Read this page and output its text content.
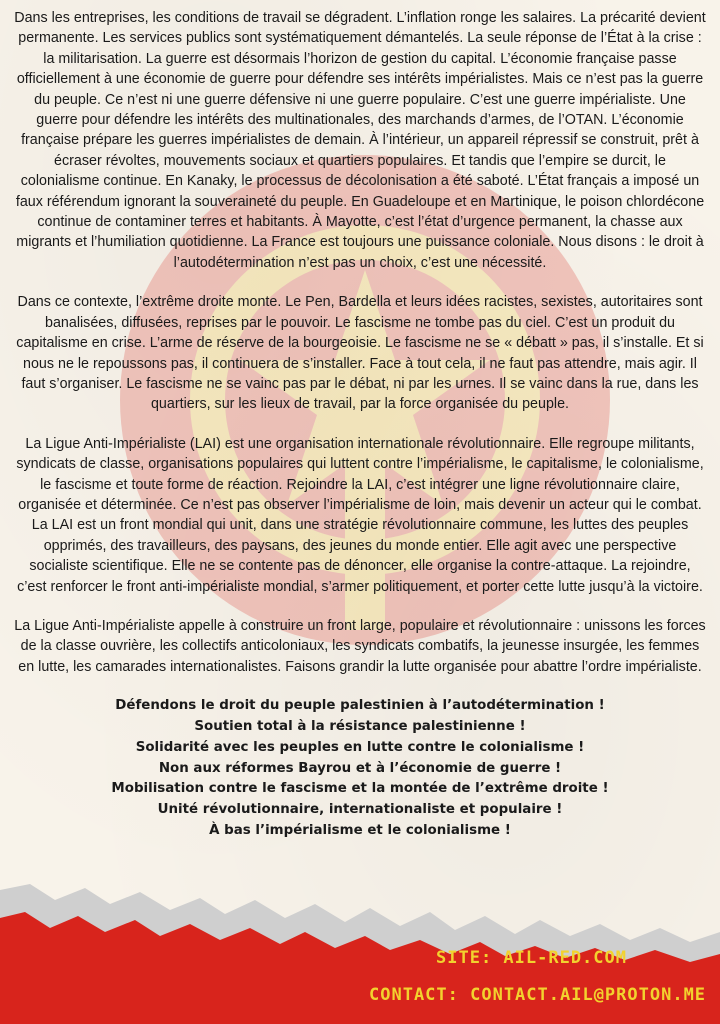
Dans les entreprises, les conditions de travail se dégradent. L’inflation ronge les salaires. La précarité devient permanente. Les services publics sont systématiquement démantelés. La seule réponse de l’État à la crise : la militarisation. La guerre est désormais l’horizon de gestion du capital. L’économie française passe officiellement à une économie de guerre pour défendre ses intérêts impérialistes. Mais ce n’est pas la guerre du peuple. Ce n’est ni une guerre défensive ni une guerre populaire. C’est une guerre impérialiste. Une guerre pour défendre les intérêts des multinationales, des marchands d’armes, de l’OTAN. L’économie française prépare les guerres impérialistes de demain. À l’intérieur, un appareil répressif se construit, prêt à écraser révoltes, mouvements sociaux et quartiers populaires. Et tandis que l’empire se durcit, le colonialisme continue. En Kanaky, le processus de décolonisation a été saboté. L’État français a imposé un faux référendum ignorant la souveraineté du peuple. En Guadeloupe et en Martinique, le poison chlordécone continue de contaminer terres et habitants. À Mayotte, c’est l’état d’urgence permanent, la chasse aux migrants et l’humiliation quotidienne. La France est toujours une puissance coloniale. Nous disons : le droit à l’autodétermination n’est pas un choix, c’est une nécessité.

Dans ce contexte, l’extrême droite monte. Le Pen, Bardella et leurs idées racistes, sexistes, autoritaires sont banalisées, diffusées, reprises par le pouvoir. Le fascisme ne tombe pas du ciel. C’est un produit du capitalisme en crise. L’arme de réserve de la bourgeoisie. Le fascisme ne se « débatt » pas, il s’installe. Et si nous ne le repoussons pas, il continuera de s’installer. Face à tout cela, il ne faut pas attendre, mais agir. Il faut s’organiser. Le fascisme ne se vainc pas par le débat, ni par les urnes. Il se vainc dans la rue, dans les quartiers, sur les lieux de travail, par la force organisée du peuple.

La Ligue Anti-Impérialiste (LAI) est une organisation internationale révolutionnaire. Elle regroupe militants, syndicats de classe, organisations populaires qui luttent contre l’impérialisme, le capitalisme, le colonialisme, le fascisme et toute forme de réaction. Rejoindre la LAI, c’est intégrer une ligne révolutionnaire claire, organisée et déterminée. Ce n’est pas observer l’impérialisme de loin, mais devenir un acteur qui le combat. La LAI est un front mondial qui unit, dans une stratégie révolutionnaire commune, les luttes des peuples opprimés, des travailleurs, des paysans, des jeunes du monde entier. Elle agit avec une perspective socialiste scientifique. Elle ne se contente pas de dénoncer, elle organise la contre-attaque. La rejoindre, c’est renforcer le front anti-impérialiste mondial, s’armer politiquement, et porter cette lutte jusqu’à la victoire.

La Ligue Anti-Impérialiste appelle à construire un front large, populaire et révolutionnaire : unissons les forces de la classe ouvrière, les collectifs anticoloniaux, les syndicats combatifs, la jeunesse insurgée, les femmes en lutte, les camarades internationalistes. Faisons grandir la lutte organisée pour abattre l’ordre impérialiste.

Défendons le droit du peuple palestinien à l’autodétermination !

Soutien total à la résistance palestinienne !

Solidarité avec les peuples en lutte contre le colonialisme !

Non aux réformes Bayrou et à l’économie de guerre !

Mobilisation contre le fascisme et la montée de l’extrême droite !

Unité révolutionnaire, internationaliste et populaire !

À bas l’impérialisme et le colonialisme !

SITE: AIL-RED.COM
CONTACT: CONTACT.AIL@PROTON.ME
